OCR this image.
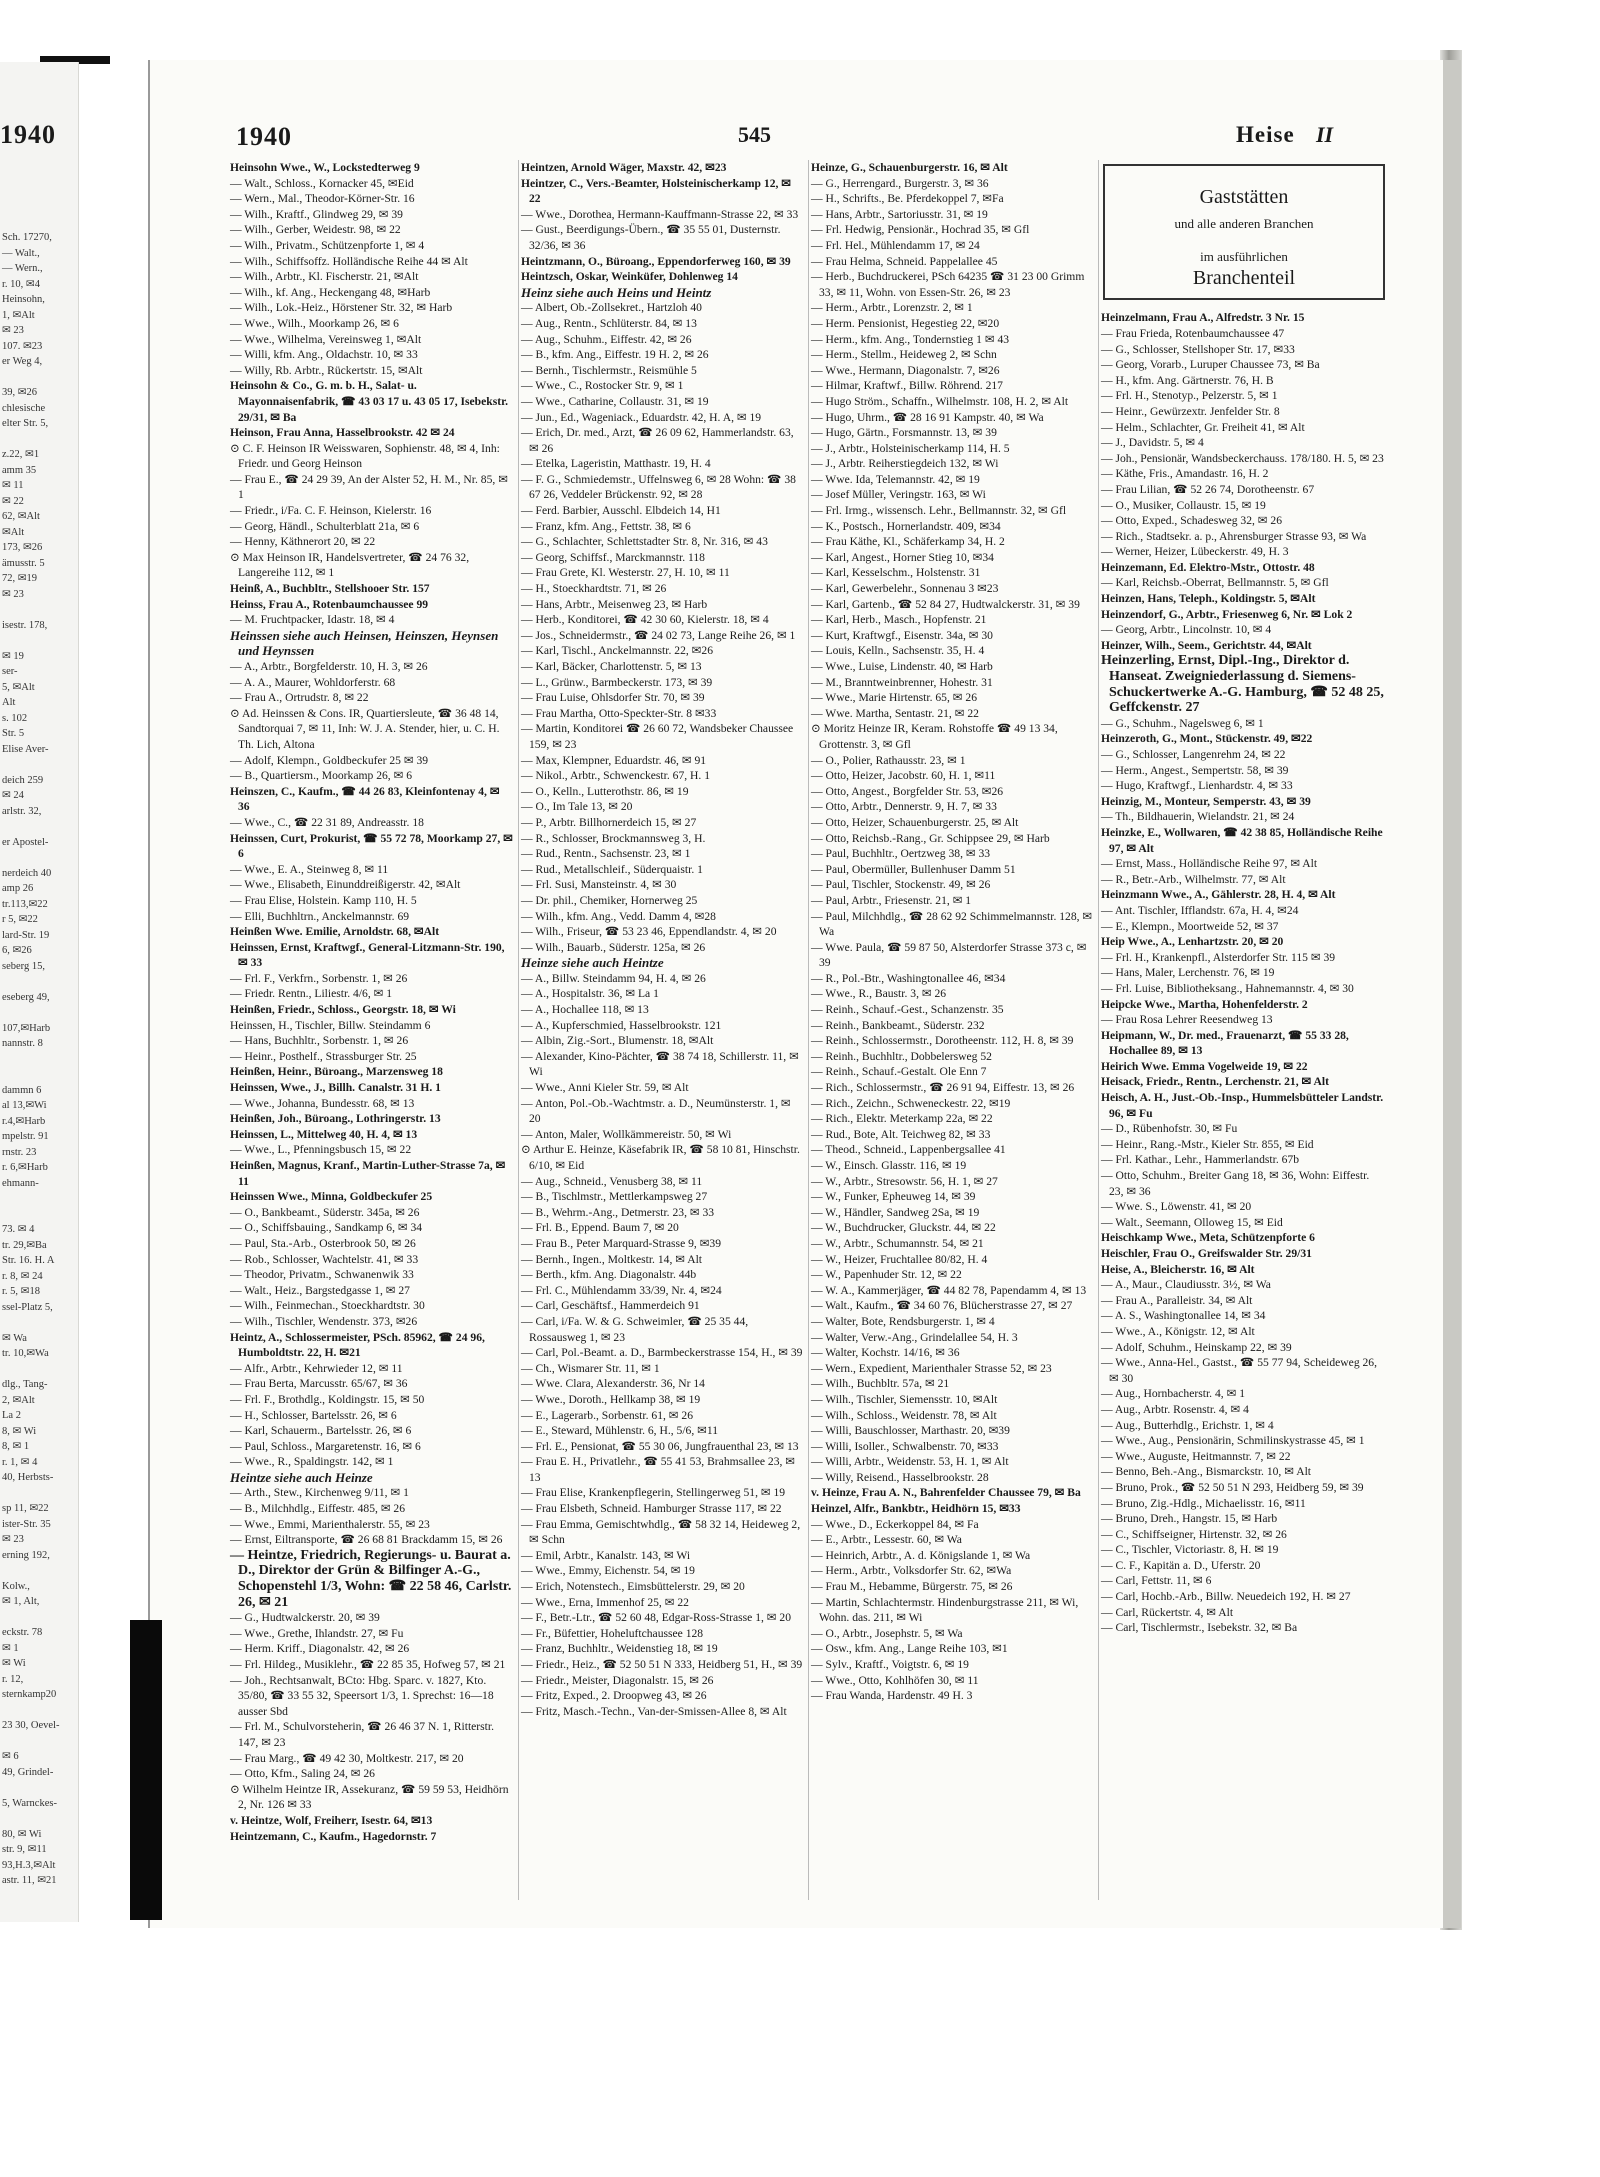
1940
Sch. 17270,
— Walt.,
— Wern.,
r. 10, ✉4
Heinsohn,
1, ✉Alt
✉ 23
107. ✉23
er Weg 4,
39, ✉26
chlesische
elter Str. 5,
z.22, ✉1
amm 35
✉ 11
✉ 22
62, ✉Alt
✉Alt
173, ✉26
ämusstr. 5
72, ✉19
✉ 23
isestr. 178,
✉ 19
ser-
5, ✉Alt
Alt
s. 102
Str. 5
Elise Aver-
deich 259
✉ 24
arlstr. 32,
er Apostel-
nerdeich 40
amp 26
tr.113,✉22
r 5, ✉22
lard-Str. 19
6, ✉26
seberg 15,
eseberg 49,
107,✉Harb
nannstr. 8
dammn 6
al 13,✉Wi
r.4,✉Harb
mpelstr. 91
rnstr. 23
r. 6,✉Harb
ehmann-
73. ✉ 4
tr. 29,✉Ba
Str. 16. H. A
r. 8, ✉ 24
r. 5, ✉18
ssel-Platz 5,
✉ Wa
tr. 10,✉Wa
dlg., Tang-
2, ✉Alt
La 2
8, ✉ Wi
8, ✉ 1
r. 1, ✉ 4
40, Herbsts-
sp 11, ✉22
ister-Str. 35
✉ 23
erning 192,
Kolw.,
✉ 1, Alt,
eckstr. 78
✉ 1
✉ Wi
r. 12,
sternkamp20
23 30, Oevel-
✉ 6
49, Grindel-
5, Warnckes-
80, ✉ Wi
str. 9, ✉11
93,H.3,✉Alt
astr. 11, ✉21
1940	545	Heise II

Heinsohn Wwe., W., Lockstedterweg 9

— Walt., Schloss., Kornacker 45, ✉Eid

— Wern., Mal., Theodor-Körner-Str. 16

— Wilh., Kraftf., Glindweg 29, ✉ 39

— Wilh., Gerber, Weidestr. 98, ✉ 22

— Wilh., Privatm., Schützenpforte 1, ✉ 4

— Wilh., Schiffsoffz. Holländische Reihe 44 ✉ Alt

— Wilh., Arbtr., Kl. Fischerstr. 21, ✉Alt

— Wilh., kf. Ang., Heckengang 48, ✉Harb

— Wilh., Lok.-Heiz., Hörstener Str. 32, ✉ Harb

— Wwe., Wilh., Moorkamp 26, ✉ 6

— Wwe., Wilhelma, Vereinsweg 1, ✉Alt

— Willi, kfm. Ang., Oldachstr. 10, ✉ 33

— Willy, Rb. Arbtr., Rückertstr. 15, ✉Alt

Heinsohn & Co., G. m. b. H., Salat- u. Mayonnaisenfabrik, ☎ 43 03 17 u. 43 05 17, Isebekstr. 29/31, ✉ Ba

Heinson, Frau Anna, Hasselbrookstr. 42 ✉ 24

⊙ C. F. Heinson IR Weisswaren, Sophienstr. 48, ✉ 4, Inh: Friedr. und Georg Heinson

— Frau E., ☎ 24 29 39, An der Alster 52, H. M., Nr. 85, ✉ 1

— Friedr., i/Fa. C. F. Heinson, Kielerstr. 16

— Georg, Händl., Schulterblatt 21a, ✉ 6

— Henny, Käthnerort 20, ✉ 22

⊙ Max Heinson IR, Handelsvertreter, ☎ 24 76 32, Langereihe 112, ✉ 1

Heinß, A., Buchbltr., Stellshooer Str. 157

Heinss, Frau A., Rotenbaumchaussee 99

— M. Fruchtpacker, Idastr. 18, ✉ 4

Heinssen siehe auch Heinsen, Heinszen, Heynsen und Heynssen

— A., Arbtr., Borgfelderstr. 10, H. 3, ✉ 26

— A. A., Maurer, Wohldorferstr. 68

— Frau A., Ortrudstr. 8, ✉ 22

⊙ Ad. Heinssen & Cons. IR, Quartiersleute, ☎ 36 48 14, Sandtorquai 7, ✉ 11, Inh: W. J. A. Stender, hier, u. C. H. Th. Lich, Altona

— Adolf, Klempn., Goldbeckufer 25 ✉ 39

— B., Quartiersm., Moorkamp 26, ✉ 6

Heinszen, C., Kaufm., ☎ 44 26 83, Kleinfontenay 4, ✉ 36

— Wwe., C., ☎ 22 31 89, Andreasstr. 18

Heinssen, Curt, Prokurist, ☎ 55 72 78, Moorkamp 27, ✉ 6

— Wwe., E. A., Steinweg 8, ✉ 11

— Wwe., Elisabeth, Einunddreißigerstr. 42, ✉Alt

— Frau Elise, Holstein. Kamp 110, H. 5

— Elli, Buchhltrn., Anckelmannstr. 69

Heinßen Wwe. Emilie, Arnoldstr. 68, ✉Alt

Heinssen, Ernst, Kraftwgf., General-Litzmann-Str. 190, ✉ 33

— Frl. F., Verkfrn., Sorbenstr. 1, ✉ 26

— Friedr. Rentn., Liliestr. 4/6, ✉ 1

Heinßen, Friedr., Schloss., Georgstr. 18, ✉ Wi

Heinssen, H., Tischler, Billw. Steindamm 6

— Hans, Buchhltr., Sorbenstr. 1, ✉ 26

— Heinr., Posthelf., Strassburger Str. 25

Heinßen, Heinr., Büroang., Marzensweg 18

Heinssen, Wwe., J., Billh. Canalstr. 31 H. 1

— Wwe., Johanna, Bundesstr. 68, ✉ 13

Heinßen, Joh., Büroang., Lothringerstr. 13

Heinssen, L., Mittelweg 40, H. 4, ✉ 13

— Wwe., L., Pfenningsbusch 15, ✉ 22

Heinßen, Magnus, Kranf., Martin-Luther-Strasse 7a, ✉ 11

Heinssen Wwe., Minna, Goldbeckufer 25

— O., Bankbeamt., Süderstr. 345a, ✉ 26

— O., Schiffsbauing., Sandkamp 6, ✉ 34

— Paul, Sta.-Arb., Osterbrook 50, ✉ 26

— Rob., Schlosser, Wachtelstr. 41, ✉ 33

— Theodor, Privatm., Schwanenwik 33

— Walt., Heiz., Bargstedgasse 1, ✉ 27

— Wilh., Feinmechan., Stoeckhardtstr. 30

— Wilh., Tischler, Wendenstr. 373, ✉26

Heintz, A., Schlossermeister, PSch. 85962, ☎ 24 96, Humboldtstr. 22, H. ✉21

— Alfr., Arbtr., Kehrwieder 12, ✉ 11

— Frau Berta, Marcusstr. 65/67, ✉ 36

— Frl. F., Brothdlg., Koldingstr. 15, ✉ 50

— H., Schlosser, Bartelsstr. 26, ✉ 6

— Karl, Schauerm., Bartelsstr. 26, ✉ 6

— Paul, Schloss., Margaretenstr. 16, ✉ 6

— Wwe., R., Spaldingstr. 142, ✉ 1

Heintze siehe auch Heinze

— Arth., Stew., Kirchenweg 9/11, ✉ 1

— B., Milchhdlg., Eiffestr. 485, ✉ 26

— Wwe., Emmi, Marienthalerstr. 55, ✉ 23

— Ernst, Eiltransporte, ☎ 26 68 81 Brackdamm 15, ✉ 26

— Heintze, Friedrich, Regierungs- u. Baurat a. D., Direktor der Grün & Bilfinger A.-G., Schopenstehl 1/3, Wohn: ☎ 22 58 46, Carlstr. 26, ✉ 21

— G., Hudtwalckerstr. 20, ✉ 39

— Wwe., Grethe, Ihlandstr. 27, ✉ Fu

— Herm. Kriff., Diagonalstr. 42, ✉ 26

— Frl. Hildeg., Musiklehr., ☎ 22 85 35, Hofweg 57, ✉ 21

— Joh., Rechtsanwalt, BCto: Hbg. Sparc. v. 1827, Kto. 35/80, ☎ 33 55 32, Speersort 1/3, 1. Sprechst: 16—18 ausser Sbd

— Frl. M., Schulvorsteherin, ☎ 26 46 37 N. 1, Ritterstr. 147, ✉ 23

— Frau Marg., ☎ 49 42 30, Moltkestr. 217, ✉ 20

— Otto, Kfm., Saling 24, ✉ 26

⊙ Wilhelm Heintze IR, Assekuranz, ☎ 59 59 53, Heidhörn 2, Nr. 126 ✉ 33

v. Heintze, Wolf, Freiherr, Isestr. 64, ✉13

Heintzemann, C., Kaufm., Hagedornstr. 7

Heintzen, Arnold Wäger, Maxstr. 42, ✉23

Heintzer, C., Vers.-Beamter, Holsteinischerkamp 12, ✉ 22

— Wwe., Dorothea, Hermann-Kauffmann-Strasse 22, ✉ 33

— Gust., Beerdigungs-Übern., ☎ 35 55 01, Dusternstr. 32/36, ✉ 36

Heintzmann, O., Büroang., Eppendorferweg 160, ✉ 39

Heintzsch, Oskar, Weinküfer, Dohlenweg 14

Heinz siehe auch Heins und Heintz

— Albert, Ob.-Zollsekret., Hartzloh 40

— Aug., Rentn., Schlüterstr. 84, ✉ 13

— Aug., Schuhm., Eiffestr. 42, ✉ 26

— B., kfm. Ang., Eiffestr. 19 H. 2, ✉ 26

— Bernh., Tischlermstr., Reismühle 5

— Wwe., C., Rostocker Str. 9, ✉ 1

— Wwe., Catharine, Collaustr. 31, ✉ 19

— Jun., Ed., Wageniack., Eduardstr. 42, H. A, ✉ 19

— Erich, Dr. med., Arzt, ☎ 26 09 62, Hammerlandstr. 63, ✉ 26

— Etelka, Lageristin, Matthastr. 19, H. 4

— F. G., Schmiedemstr., Uffelnsweg 6, ✉ 28 Wohn: ☎ 38 67 26, Veddeler Brückenstr. 92, ✉ 28

— Ferd. Barbier, Ausschl. Elbdeich 14, H1

— Franz, kfm. Ang., Fettstr. 38, ✉ 6

— G., Schlachter, Schlettstadter Str. 8, Nr. 316, ✉ 43

— Georg, Schiffsf., Marckmannstr. 118

— Frau Grete, Kl. Westerstr. 27, H. 10, ✉ 11

— H., Stoeckhardtstr. 71, ✉ 26

— Hans, Arbtr., Meisenweg 23, ✉ Harb

— Herb., Konditorei, ☎ 42 30 60, Kielerstr. 18, ✉ 4

— Jos., Schneidermstr., ☎ 24 02 73, Lange Reihe 26, ✉ 1

— Karl, Tischl., Anckelmannstr. 22, ✉26

— Karl, Bäcker, Charlottenstr. 5, ✉ 13

— L., Grünw., Barmbeckerstr. 173, ✉ 39

— Frau Luise, Ohlsdorfer Str. 70, ✉ 39

— Frau Martha, Otto-Speckter-Str. 8 ✉33

— Martin, Konditorei ☎ 26 60 72, Wandsbeker Chaussee 159, ✉ 23

— Max, Klempner, Eduardstr. 46, ✉ 91

— Nikol., Arbtr., Schwenckestr. 67, H. 1

— O., Kelln., Lutterothstr. 86, ✉ 19

— O., Im Tale 13, ✉ 20

— P., Arbtr. Billhornerdeich 15, ✉ 27

— R., Schlosser, Brockmannsweg 3, H.

— Rud., Rentn., Sachsenstr. 23, ✉ 1

— Rud., Metallschleif., Süderquaistr. 1

— Frl. Susi, Mansteinstr. 4, ✉ 30

— Dr. phil., Chemiker, Hornerweg 25

— Wilh., kfm. Ang., Vedd. Damm 4, ✉28

— Wilh., Friseur, ☎ 53 23 46, Eppendlandstr. 4, ✉ 20

— Wilh., Bauarb., Süderstr. 125a, ✉ 26

Heinze siehe auch Heintze

— A., Billw. Steindamm 94, H. 4, ✉ 26

— A., Hospitalstr. 36, ✉ La 1

— A., Hochallee 118, ✉ 13

— A., Kupferschmied, Hasselbrookstr. 121

— Albin, Zig.-Sort., Blumenstr. 18, ✉Alt

— Alexander, Kino-Pächter, ☎ 38 74 18, Schillerstr. 11, ✉ Wi

— Wwe., Anni Kieler Str. 59, ✉ Alt

— Anton, Pol.-Ob.-Wachtmstr. a. D., Neumünsterstr. 1, ✉ 20

— Anton, Maler, Wollkämmereistr. 50, ✉ Wi

⊙ Arthur E. Heinze, Käsefabrik IR, ☎ 58 10 81, Hinschstr. 6/10, ✉ Eid

— Aug., Schneid., Venusberg 38, ✉ 11

— B., Tischlmstr., Mettlerkampsweg 27

— B., Wehrm.-Ang., Detmerstr. 23, ✉ 33

— Frl. B., Eppend. Baum 7, ✉ 20

— Frau B., Peter Marquard-Strasse 9, ✉39

— Bernh., Ingen., Moltkestr. 14, ✉ Alt

— Berth., kfm. Ang. Diagonalstr. 44b

— Frl. C., Mühlendamm 33/39, Nr. 4, ✉24

— Carl, Geschäftsf., Hammerdeich 91

— Carl, i/Fa. W. & G. Schweimler, ☎ 25 35 44, Rossausweg 1, ✉ 23

— Carl, Pol.-Beamt. a. D., Barmbeckerstrasse 154, H., ✉ 39

— Ch., Wismarer Str. 11, ✉ 1

— Wwe. Clara, Alexanderstr. 36, Nr 14

— Wwe., Doroth., Hellkamp 38, ✉ 19

— E., Lagerarb., Sorbenstr. 61, ✉ 26

— E., Steward, Mühlenstr. 6, H., 5/6, ✉11

— Frl. E., Pensionat, ☎ 55 30 06, Jungfrauenthal 23, ✉ 13

— Frau E. H., Privatlehr., ☎ 55 41 53, Brahmsallee 23, ✉ 13

— Frau Elise, Krankenpflegerin, Stellingerweg 51, ✉ 19

— Frau Elsbeth, Schneid. Hamburger Strasse 117, ✉ 22

— Frau Emma, Gemischtwhdlg., ☎ 58 32 14, Heideweg 2, ✉ Schn

— Emil, Arbtr., Kanalstr. 143, ✉ Wi

— Wwe., Emmy, Eichenstr. 54, ✉ 19

— Erich, Notenstech., Eimsbüttelerstr. 29, ✉ 20

— Wwe., Erna, Immenhof 25, ✉ 22

— F., Betr.-Ltr., ☎ 52 60 48, Edgar-Ross-Strasse 1, ✉ 20

— Fr., Büfettier, Hoheluftchaussee 128

— Franz, Buchhltr., Weidenstieg 18, ✉ 19

— Friedr., Heiz., ☎ 52 50 51 N 333, Heidberg 51, H., ✉ 39

— Friedr., Meister, Diagonalstr. 15, ✉ 26

— Fritz, Exped., 2. Droopweg 43, ✉ 26

— Fritz, Masch.-Techn., Van-der-Smissen-Allee 8, ✉ Alt

Heinze, G., Schauenburgerstr. 16, ✉ Alt

— G., Herrengard., Burgerstr. 3, ✉ 36

— H., Schrifts., Be. Pferdekoppel 7, ✉Fa

— Hans, Arbtr., Sartoriusstr. 31, ✉ 19

— Frl. Hedwig, Pensionär., Hochrad 35, ✉ Gfl

— Frl. Hel., Mühlendamm 17, ✉ 24

— Frau Helma, Schneid. Pappelallee 45

— Herb., Buchdruckerei, PSch 64235 ☎ 31 23 00 Grimm 33, ✉ 11, Wohn. von Essen-Str. 26, ✉ 23

— Herm., Arbtr., Lorenzstr. 2, ✉ 1

— Herm. Pensionist, Hegestieg 22, ✉20

— Herm., kfm. Ang., Tondernstieg 1 ✉ 43

— Herm., Stellm., Heideweg 2, ✉ Schn

— Wwe., Hermann, Diagonalstr. 7, ✉26

— Hilmar, Kraftwf., Billw. Röhrend. 217

— Hugo Ström., Schaffn., Wilhelmstr. 108, H. 2, ✉ Alt

— Hugo, Uhrm., ☎ 28 16 91 Kampstr. 40, ✉ Wa

— Hugo, Gärtn., Forsmannstr. 13, ✉ 39

— J., Arbtr., Holsteinischerkamp 114, H. 5

— J., Arbtr. Reiherstiegdeich 132, ✉ Wi

— Wwe. Ida, Telemannstr. 42, ✉ 19

— Josef Müller, Veringstr. 163, ✉ Wi

— Frl. Irmg., wissensch. Lehr., Bellmannstr. 32, ✉ Gfl

— K., Postsch., Hornerlandstr. 409, ✉34

— Frau Käthe, Kl., Schäferkamp 34, H. 2

— Karl, Angest., Horner Stieg 10, ✉34

— Karl, Kesselschm., Holstenstr. 31

— Karl, Gewerbelehr., Sonnenau 3 ✉23

— Karl, Gartenb., ☎ 52 84 27, Hudtwalckerstr. 31, ✉ 39

— Karl, Herb., Masch., Hopfenstr. 21

— Kurt, Kraftwgf., Eisenstr. 34a, ✉ 30

— Louis, Kelln., Sachsenstr. 35, H. 4

— Wwe., Luise, Lindenstr. 40, ✉ Harb

— M., Branntweinbrenner, Hohestr. 31

— Wwe., Marie Hirtenstr. 65, ✉ 26

— Wwe. Martha, Sentastr. 21, ✉ 22

⊙ Moritz Heinze IR, Keram. Rohstoffe ☎ 49 13 34, Grottenstr. 3, ✉ Gfl

— O., Polier, Rathausstr. 23, ✉ 1

— Otto, Heizer, Jacobstr. 60, H. 1, ✉11

— Otto, Angest., Borgfelder Str. 53, ✉26

— Otto, Arbtr., Dennerstr. 9, H. 7, ✉ 33

— Otto, Heizer, Schauenburgerstr. 25, ✉ Alt

— Otto, Reichsb.-Rang., Gr. Schippsee 29, ✉ Harb

— Paul, Buchhltr., Oertzweg 38, ✉ 33

— Paul, Obermüller, Bullenhuser Damm 51

— Paul, Tischler, Stockenstr. 49, ✉ 26

— Paul, Arbtr., Friesenstr. 21, ✉ 1

— Paul, Milchhdlg., ☎ 28 62 92 Schimmelmannstr. 128, ✉ Wa

— Wwe. Paula, ☎ 59 87 50, Alsterdorfer Strasse 373 c, ✉ 39

— R., Pol.-Btr., Washingtonallee 46, ✉34

— Wwe., R., Baustr. 3, ✉ 26

— Reinh., Schauf.-Gest., Schanzenstr. 35

— Reinh., Bankbeamt., Süderstr. 232

— Reinh., Schlossermstr., Dorotheenstr. 112, H. 8, ✉ 39

— Reinh., Buchhltr., Dobbelersweg 52

— Reinh., Schauf.-Gestalt. Ole Enn 7

— Rich., Schlossermstr., ☎ 26 91 94, Eiffestr. 13, ✉ 26

— Rich., Zeichn., Schweneckestr. 22, ✉19

— Rich., Elektr. Meterkamp 22a, ✉ 22

— Rud., Bote, Alt. Teichweg 82, ✉ 33

— Theod., Schneid., Lappenbergsallee 41

— W., Einsch. Glasstr. 116, ✉ 19

— W., Arbtr., Stresowstr. 56, H. 1, ✉ 27

— W., Funker, Epheuweg 14, ✉ 39

— W., Händler, Sandweg 2Sa, ✉ 19

— W., Buchdrucker, Gluckstr. 44, ✉ 22

— W., Arbtr., Schumannstr. 54, ✉ 21

— W., Heizer, Fruchtallee 80/82, H. 4

— W., Papenhuder Str. 12, ✉ 22

— W. A., Kammerjäger, ☎ 44 82 78, Papendamm 4, ✉ 13

— Walt., Kaufm., ☎ 34 60 76, Blücherstrasse 27, ✉ 27

— Walter, Bote, Rendsburgerstr. 1, ✉ 4

— Walter, Verw.-Ang., Grindelallee 54, H. 3

— Walter, Kochstr. 14/16, ✉ 36

— Wern., Expedient, Marienthaler Strasse 52, ✉ 23

— Wilh., Buchbltr. 57a, ✉ 21

— Wilh., Tischler, Siemensstr. 10, ✉Alt

— Wilh., Schloss., Weidenstr. 78, ✉ Alt

— Willi, Bauschlosser, Marthastr. 20, ✉39

— Willi, Isoller., Schwalbenstr. 70, ✉33

— Willi, Arbtr., Weidenstr. 53, H. 1, ✉ Alt

— Willy, Reisend., Hasselbrookstr. 28

v. Heinze, Frau A. N., Bahrenfelder Chaussee 79, ✉ Ba

Heinzel, Alfr., Bankbtr., Heidhörn 15, ✉33

— Wwe., D., Eckerkoppel 84, ✉ Fa

— E., Arbtr., Lessestr. 60, ✉ Wa

— Heinrich, Arbtr., A. d. Königslande 1, ✉ Wa

— Herm., Arbtr., Volksdorfer Str. 62, ✉Wa

— Frau M., Hebamme, Bürgerstr. 75, ✉ 26

— Martin, Schlachtermstr. Hindenburgstrasse 211, ✉ Wi, Wohn. das. 211, ✉ Wi

— O., Arbtr., Josephstr. 5, ✉ Wa

— Osw., kfm. Ang., Lange Reihe 103, ✉1

— Sylv., Kraftf., Voigtstr. 6, ✉ 19

— Wwe., Otto, Kohlhöfen 30, ✉ 11

— Frau Wanda, Hardenstr. 49 H. 3

Gaststätten
und alle anderen Branchen
im ausführlichen
Branchenteil

Heinzelmann, Frau A., Alfredstr. 3 Nr. 15

— Frau Frieda, Rotenbaumchaussee 47

— G., Schlosser, Stellshoper Str. 17, ✉33

— Georg, Vorarb., Luruper Chaussee 73, ✉ Ba

— H., kfm. Ang. Gärtnerstr. 76, H. B

— Frl. H., Stenotyp., Pelzerstr. 5, ✉ 1

— Heinr., Gewürzextr. Jenfelder Str. 8

— Helm., Schlachter, Gr. Freiheit 41, ✉ Alt

— J., Davidstr. 5, ✉ 4

— Joh., Pensionär, Wandsbeckerchauss. 178/180. H. 5, ✉ 23

— Käthe, Fris., Amandastr. 16, H. 2

— Frau Lilian, ☎ 52 26 74, Dorotheenstr. 67

— O., Musiker, Collaustr. 15, ✉ 19

— Otto, Exped., Schadesweg 32, ✉ 26

— Rich., Stadtsekr. a. p., Ahrensburger Strasse 93, ✉ Wa

— Werner, Heizer, Lübeckerstr. 49, H. 3

Heinzemann, Ed. Elektro-Mstr., Ottostr. 48

— Karl, Reichsb.-Oberrat, Bellmannstr. 5, ✉ Gfl

Heinzen, Hans, Teleph., Koldingstr. 5, ✉Alt

Heinzendorf, G., Arbtr., Friesenweg 6, Nr. ✉ Lok 2

— Georg, Arbtr., Lincolnstr. 10, ✉ 4

Heinzer, Wilh., Seem., Gerichtstr. 44, ✉Alt

Heinzerling, Ernst, Dipl.-Ing., Direktor d. Hanseat. Zweigniederlassung d. Siemens-Schuckertwerke A.-G. Hamburg, ☎ 52 48 25, Geffckenstr. 27

— G., Schuhm., Nagelsweg 6, ✉ 1

Heinzeroth, G., Mont., Stückenstr. 49, ✉22

— G., Schlosser, Langenrehm 24, ✉ 22

— Herm., Angest., Sempertstr. 58, ✉ 39

— Hugo, Kraftwgf., Lienhardstr. 4, ✉ 33

Heinzig, M., Monteur, Semperstr. 43, ✉ 39

— Th., Bildhauerin, Wielandstr. 21, ✉ 24

Heinzke, E., Wollwaren, ☎ 42 38 85, Holländische Reihe 97, ✉ Alt

— Ernst, Mass., Holländische Reihe 97, ✉ Alt

— R., Betr.-Arb., Wilhelmstr. 77, ✉ Alt

Heinzmann Wwe., A., Gählerstr. 28, H. 4, ✉ Alt

— Ant. Tischler, Ifflandstr. 67a, H. 4, ✉24

— E., Klempn., Moortweide 52, ✉ 37

Heip Wwe., A., Lenhartzstr. 20, ✉ 20

— Frl. H., Krankenpfl., Alsterdorfer Str. 115 ✉ 39

— Hans, Maler, Lerchenstr. 76, ✉ 19

— Frl. Luise, Bibliotheksang., Hahnemannstr. 4, ✉ 30

Heipcke Wwe., Martha, Hohenfelderstr. 2

— Frau Rosa Lehrer Reesendweg 13

Heipmann, W., Dr. med., Frauenarzt, ☎ 55 33 28, Hochallee 89, ✉ 13

Heirich Wwe. Emma Vogelweide 19, ✉ 22

Heisack, Friedr., Rentn., Lerchenstr. 21, ✉ Alt

Heisch, A. H., Just.-Ob.-Insp., Hummelsbütteler Landstr. 96, ✉ Fu

— D., Rübenhofstr. 30, ✉ Fu

— Heinr., Rang.-Mstr., Kieler Str. 855, ✉ Eid

— Frl. Kathar., Lehr., Hammerlandstr. 67b

— Otto, Schuhm., Breiter Gang 18, ✉ 36, Wohn: Eiffestr. 23, ✉ 36

— Wwe. S., Löwenstr. 41, ✉ 20

— Walt., Seemann, Olloweg 15, ✉ Eid

Heischkamp Wwe., Meta, Schützenpforte 6

Heischler, Frau O., Greifswalder Str. 29/31

Heise, A., Bleicherstr. 16, ✉ Alt

— A., Maur., Claudiusstr. 3½, ✉ Wa

— Frau A., Paralleistr. 34, ✉ Alt

— A. S., Washingtonallee 14, ✉ 34

— Wwe., A., Königstr. 12, ✉ Alt

— Adolf, Schuhm., Heinskamp 22, ✉ 39

— Wwe., Anna-Hel., Gastst., ☎ 55 77 94, Scheideweg 26, ✉ 30

— Aug., Hornbacherstr. 4, ✉ 1

— Aug., Arbtr. Rosenstr. 4, ✉ 4

— Aug., Butterhdlg., Erichstr. 1, ✉ 4

— Wwe., Aug., Pensionärin, Schmilinskystrasse 45, ✉ 1

— Wwe., Auguste, Heitmannstr. 7, ✉ 22

— Benno, Beh.-Ang., Bismarckstr. 10, ✉ Alt

— Bruno, Prok., ☎ 52 50 51 N 293, Heidberg 59, ✉ 39

— Bruno, Zig.-Hdlg., Michaelisstr. 16, ✉11

— Bruno, Dreh., Hangstr. 15, ✉ Harb

— C., Schiffseigner, Hirtenstr. 32, ✉ 26

— C., Tischler, Victoriastr. 8, H. ✉ 19

— C. F., Kapitän a. D., Uferstr. 20

— Carl, Fettstr. 11, ✉ 6

— Carl, Hochb.-Arb., Billw. Neuedeich 192, H. ✉ 27

— Carl, Rückertstr. 4, ✉ Alt

— Carl, Tischlermstr., Isebekstr. 32, ✉ Ba
